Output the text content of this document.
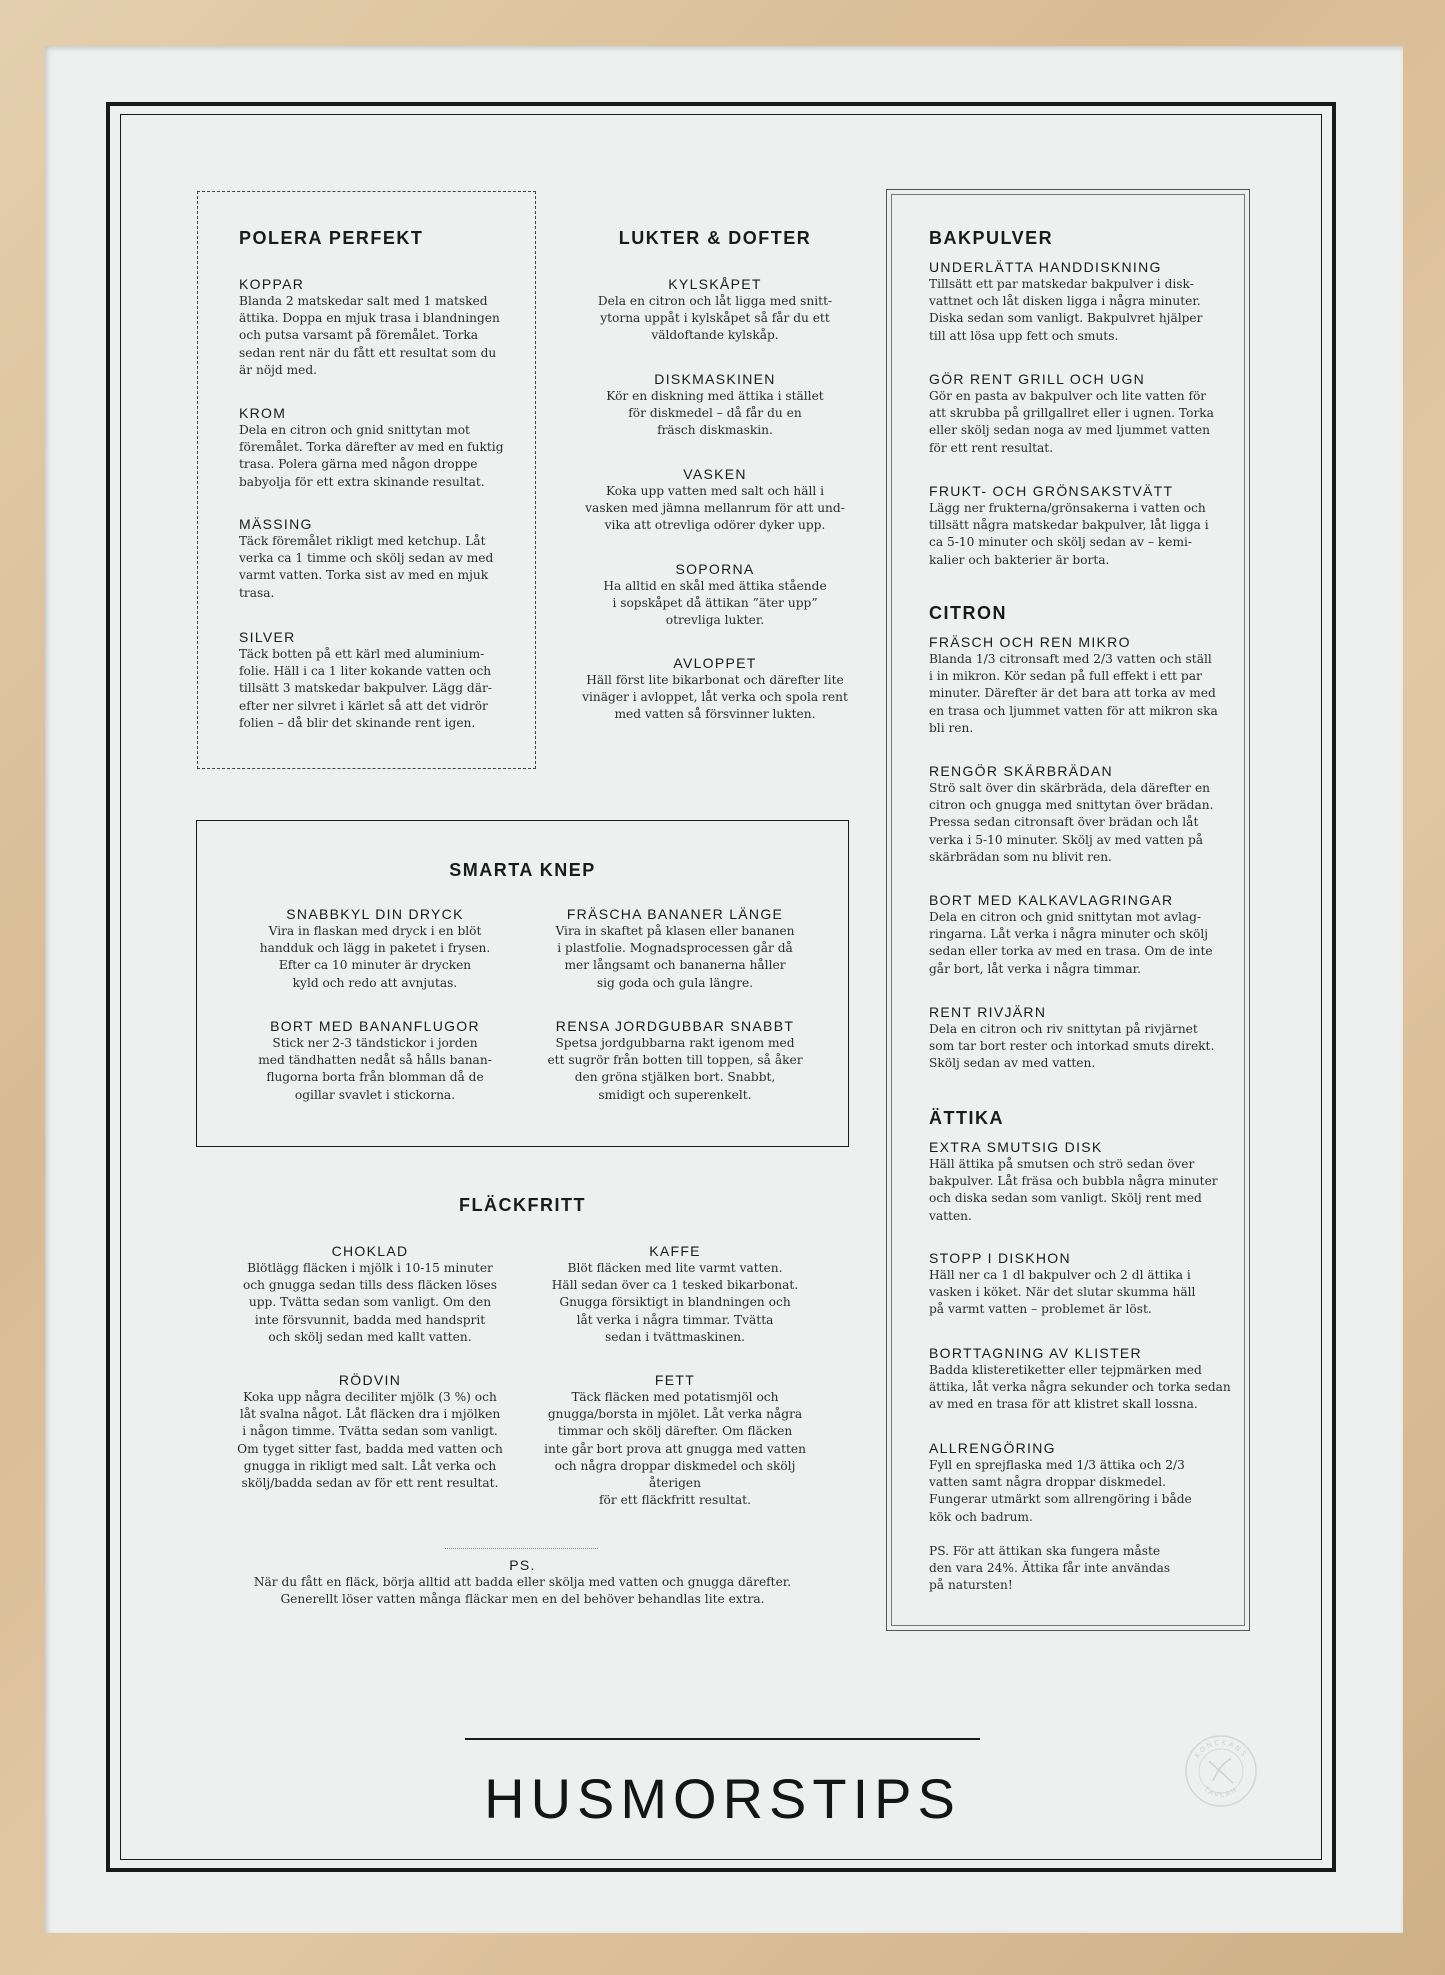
POLERA PERFEKT
KOPPAR
Blanda 2 matskedar salt med 1 matsked
ättika. Doppa en mjuk trasa i blandningen
och putsa varsamt på föremålet. Torka
sedan rent när du fått ett resultat som du
är nöjd med.
KROM
Dela en citron och gnid snittytan mot
föremålet. Torka därefter av med en fuktig
trasa. Polera gärna med någon droppe
babyolja för ett extra skinande resultat.
MÄSSING
Täck föremålet rikligt med ketchup. Låt
verka ca 1 timme och skölj sedan av med
varmt vatten. Torka sist av med en mjuk
trasa.
SILVER
Täck botten på ett kärl med aluminium-
folie. Häll i ca 1 liter kokande vatten och
tillsätt 3 matskedar bakpulver. Lägg där-
efter ner silvret i kärlet så att det vidrör
folien – då blir det skinande rent igen.
LUKTER & DOFTER
KYLSKÅPET
Dela en citron och låt ligga med snitt-
ytorna uppåt i kylskåpet så får du ett
väldoftande kylskåp.
DISKMASKINEN
Kör en diskning med ättika i stället
för diskmedel – då får du en
fräsch diskmaskin.
VASKEN
Koka upp vatten med salt och häll i
vasken med jämna mellanrum för att und-
vika att otrevliga odörer dyker upp.
SOPORNA
Ha alltid en skål med ättika stående
i sopskåpet då ättikan ”äter upp”
otrevliga lukter.
AVLOPPET
Häll först lite bikarbonat och därefter lite
vinäger i avloppet, låt verka och spola rent
med vatten så försvinner lukten.
SMARTA KNEP
SNABBKYL DIN DRYCK
Vira in flaskan med dryck i en blöt
handduk och lägg in paketet i frysen.
Efter ca 10 minuter är drycken
kyld och redo att avnjutas.
FRÄSCHA BANANER LÄNGE
Vira in skaftet på klasen eller bananen
i plastfolie. Mognadsprocessen går då
mer långsamt och bananerna håller
sig goda och gula längre.
BORT MED BANANFLUGOR
Stick ner 2-3 tändstickor i jorden
med tändhatten nedåt så hålls banan-
flugorna borta från blomman då de
ogillar svavlet i stickorna.
RENSA JORDGUBBAR SNABBT
Spetsa jordgubbarna rakt igenom med
ett sugrör från botten till toppen, så åker
den gröna stjälken bort. Snabbt,
smidigt och superenkelt.
FLÄCKFRITT
CHOKLAD
Blötlägg fläcken i mjölk i 10-15 minuter
och gnugga sedan tills dess fläcken löses
upp. Tvätta sedan som vanligt. Om den
inte försvunnit, badda med handsprit
och skölj sedan med kallt vatten.
KAFFE
Blöt fläcken med lite varmt vatten.
Häll sedan över ca 1 tesked bikarbonat.
Gnugga försiktigt in blandningen och
låt verka i några timmar. Tvätta
sedan i tvättmaskinen.
RÖDVIN
Koka upp några deciliter mjölk (3 %) och
låt svalna något. Låt fläcken dra i mjölken
i någon timme. Tvätta sedan som vanligt.
Om tyget sitter fast, badda med vatten och
gnugga in rikligt med salt. Låt verka och
skölj/badda sedan av för ett rent resultat.
FETT
Täck fläcken med potatismjöl och
gnugga/borsta in mjölet. Låt verka några
timmar och skölj därefter. Om fläcken
inte går bort prova att gnugga med vatten
och några droppar diskmedel och skölj återigen
för ett fläckfritt resultat.
PS.
När du fått en fläck, börja alltid att badda eller skölja med vatten och gnugga därefter.
Generellt löser vatten många fläckar men en del behöver behandlas lite extra.
BAKPULVER
UNDERLÄTTA HANDDISKNING
Tillsätt ett par matskedar bakpulver i disk-
vattnet och låt disken ligga i några minuter.
Diska sedan som vanligt. Bakpulvret hjälper
till att lösa upp fett och smuts.
GÖR RENT GRILL OCH UGN
Gör en pasta av bakpulver och lite vatten för
att skrubba på grillgallret eller i ugnen. Torka
eller skölj sedan noga av med ljummet vatten
för ett rent resultat.
FRUKT- OCH GRÖNSAKSTVÄTT
Lägg ner frukterna/grönsakerna i vatten och
tillsätt några matskedar bakpulver, låt ligga i
ca 5-10 minuter och skölj sedan av – kemi-
kalier och bakterier är borta.
CITRON
FRÄSCH OCH REN MIKRO
Blanda 1/3 citronsaft med 2/3 vatten och ställ
i in mikron. Kör sedan på full effekt i ett par
minuter. Därefter är det bara att torka av med
en trasa och ljummet vatten för att mikron ska
bli ren.
RENGÖR SKÄRBRÄDAN
Strö salt över din skärbräda, dela därefter en
citron och gnugga med snittytan över brädan.
Pressa sedan citronsaft över brädan och låt
verka i 5-10 minuter. Skölj av med vatten på
skärbrädan som nu blivit ren.
BORT MED KALKAVLAGRINGAR
Dela en citron och gnid snittytan mot avlag-
ringarna. Låt verka i några minuter och skölj
sedan eller torka av med en trasa. Om de inte
går bort, låt verka i några timmar.
RENT RIVJÄRN
Dela en citron och riv snittytan på rivjärnet
som tar bort rester och intorkad smuts direkt.
Skölj sedan av med vatten.
ÄTTIKA
EXTRA SMUTSIG DISK
Häll ättika på smutsen och strö sedan över
bakpulver. Låt fräsa och bubbla några minuter
och diska sedan som vanligt. Skölj rent med
vatten.
STOPP I DISKHON
Häll ner ca 1 dl bakpulver och 2 dl ättika i
vasken i köket. När det slutar skumma häll
på varmt vatten – problemet är löst.
BORTTAGNING AV KLISTER
Badda klisteretiketter eller tejpmärken med
ättika, låt verka några sekunder och torka sedan
av med en trasa för att klistret skall lossna.
ALLRENGÖRING
Fyll en sprejflaska med 1/3 ättika och 2/3
vatten samt några droppar diskmedel.
Fungerar utmärkt som allrengöring i både
kök och badrum.
PS. För att ättikan ska fungera måste
den vara 24%. Ättika får inte användas
på natursten!
HUSMORSTIPS
KONCKANS
TAVLAN
